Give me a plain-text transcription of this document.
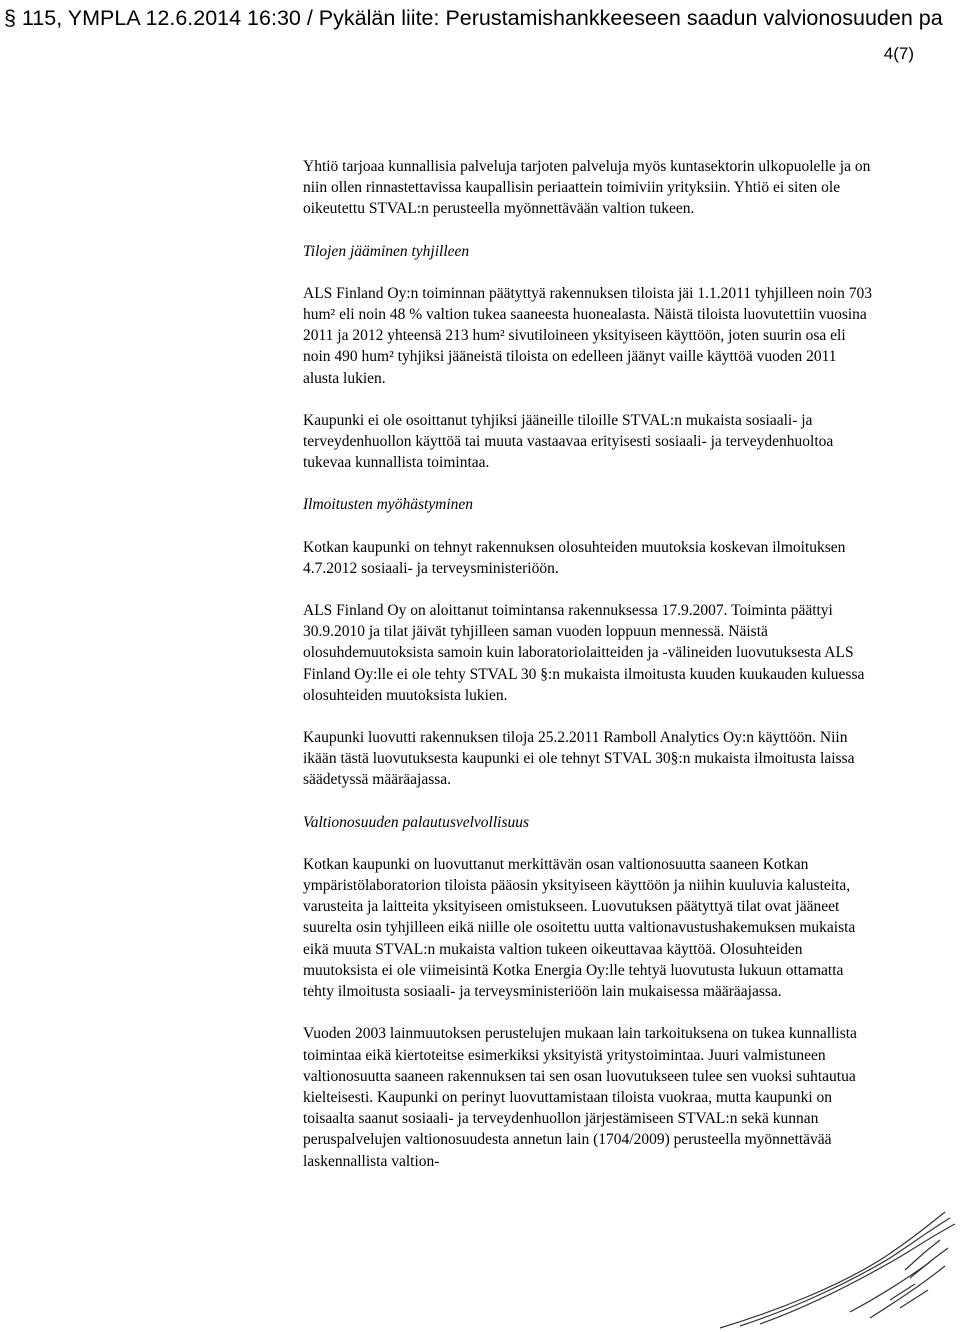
§ 115, YMPLA 12.6.2014 16:30 / Pykälän liite: Perustamishankkeeseen saadun valvionosuuden pa
4(7)

Yhtiö tarjoaa kunnallisia palveluja tarjoten palveluja myös kuntasektorin ulkopuolelle ja on niin ollen rinnastettavissa kaupallisin periaattein toimiviin yrityksiin. Yhtiö ei siten ole oikeutettu STVAL:n perusteella myönnettävään valtion tukeen.

Tilojen jääminen tyhjilleen

ALS Finland Oy:n toiminnan päätyttyä rakennuksen tiloista jäi 1.1.2011 tyhjilleen noin 703 hum² eli noin 48 % valtion tukea saaneesta huonealasta. Näistä tiloista luovutettiin vuosina 2011 ja 2012 yhteensä 213 hum² sivutiloineen yksityiseen käyttöön, joten suurin osa eli noin 490 hum² tyhjiksi jääneistä tiloista on edelleen jäänyt vaille käyttöä vuoden 2011 alusta lukien.

Kaupunki ei ole osoittanut tyhjiksi jääneille tiloille STVAL:n mukaista sosiaali- ja terveydenhuollon käyttöä tai muuta vastaavaa erityisesti sosiaali- ja terveydenhuoltoa tukevaa kunnallista toimintaa.

Ilmoitusten myöhästyminen

Kotkan kaupunki on tehnyt rakennuksen olosuhteiden muutoksia koskevan ilmoituksen 4.7.2012 sosiaali- ja terveysministeriöön.

ALS Finland Oy on aloittanut toimintansa rakennuksessa 17.9.2007. Toiminta päättyi 30.9.2010 ja tilat jäivät tyhjilleen saman vuoden loppuun mennessä. Näistä olosuhdemuutoksista samoin kuin laboratoriolaitteiden ja -välineiden luovutuksesta ALS Finland Oy:lle ei ole tehty STVAL 30 §:n mukaista ilmoitusta kuuden kuukauden kuluessa olosuhteiden muutoksista lukien.

Kaupunki luovutti rakennuksen tiloja 25.2.2011 Ramboll Analytics Oy:n käyttöön. Niin ikään tästä luovutuksesta kaupunki ei ole tehnyt STVAL 30§:n mukaista ilmoitusta laissa säädetyssä määräajassa.

Valtionosuuden palautusvelvollisuus

Kotkan kaupunki on luovuttanut merkittävän osan valtionosuutta saaneen Kotkan ympäristölaboratorion tiloista pääosin yksityiseen käyttöön ja niihin kuuluvia kalusteita, varusteita ja laitteita yksityiseen omistukseen. Luovutuksen päätyttyä tilat ovat jääneet suurelta osin tyhjilleen eikä niille ole osoitettu uutta valtionavustushakemuksen mukaista eikä muuta STVAL:n mukaista valtion tukeen oikeuttavaa käyttöä. Olosuhteiden muutoksista ei ole viimeisintä Kotka Energia Oy:lle tehtyä luovutusta lukuun ottamatta tehty ilmoitusta sosiaali- ja terveysministeriöön lain mukaisessa määräajassa.

Vuoden 2003 lainmuutoksen perustelujen mukaan lain tarkoituksena on tukea kunnallista toimintaa eikä kiertoteitse esimerkiksi yksityistä yritystoimintaa. Juuri valmistuneen valtionosuutta saaneen rakennuksen tai sen osan luovutukseen tulee sen vuoksi suhtautua kielteisesti. Kaupunki on perinyt luovuttamistaan tiloista vuokraa, mutta kaupunki on toisaalta saanut sosiaali- ja terveydenhuollon järjestämiseen STVAL:n sekä kunnan peruspalvelujen valtionosuudesta annetun lain (1704/2009) perusteella myönnettävää laskennallista valtion-
